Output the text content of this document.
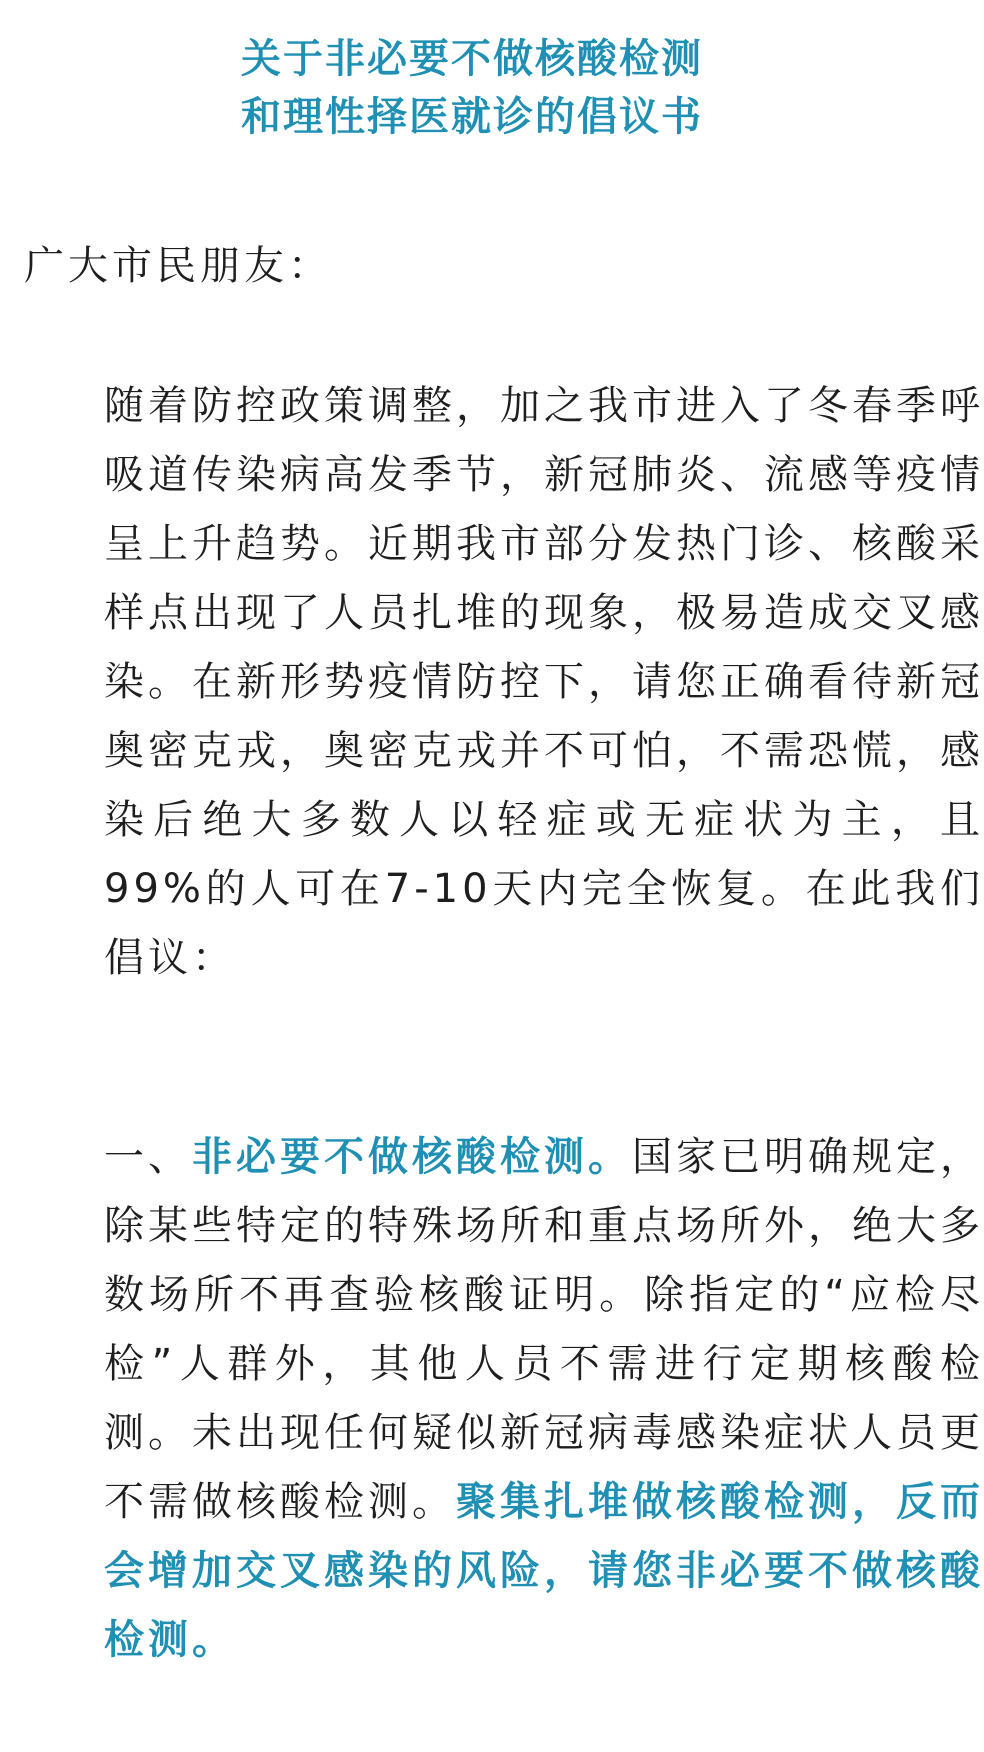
关于非必要不做核酸检测
和理性择医就诊的倡议书
广大市民朋友：
随着防控政策调整，加之我市进入了冬春季呼吸道传染病高发季节，新冠肺炎、流感等疫情呈上升趋势。近期我市部分发热门诊、核酸采样点出现了人员扎堆的现象，极易造成交叉感染。在新形势疫情防控下，请您正确看待新冠奥密克戎，奥密克戎并不可怕，不需恐慌，感染后绝大多数人以轻症或无症状为主，且99%的人可在7-10天内完全恢复。在此我们倡议：
一、非必要不做核酸检测。国家已明确规定，除某些特定的特殊场所和重点场所外，绝大多数场所不再查验核酸证明。除指定的“应检尽检”人群外，其他人员不需进行定期核酸检测。未出现任何疑似新冠病毒感染症状人员更不需做核酸检测。聚集扎堆做核酸检测，反而会增加交叉感染的风险，请您非必要不做核酸检测。
